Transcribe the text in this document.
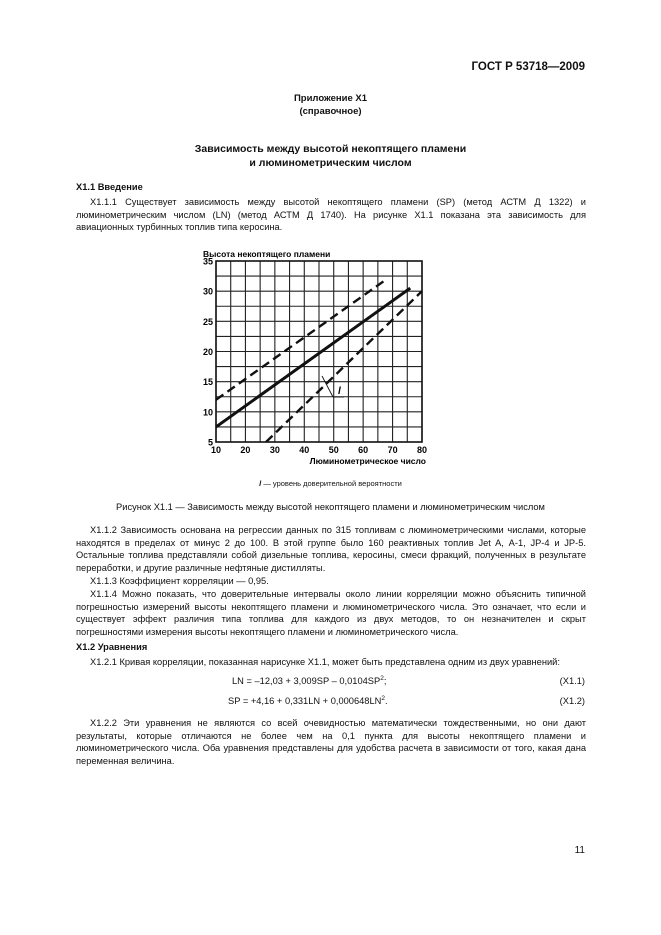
ГОСТ Р 53718—2009
Приложение Х1
(справочное)
Зависимость между высотой некоптящего пламени
и люминометрическим числом
Х1.1 Введение
Х1.1.1 Существует зависимость между высотой некоптящего пламени (SP) (метод АСТМ Д 1322) и люминометрическим числом (LN) (метод АСТМ Д 1740). На рисунке Х1.1 показана эта зависимость для авиационных турбинных топлив типа керосина.
10 20 30 40 50 60 70 80
5
10
15
20
25
30
35
Высота некоптящего пламени
Люминометрическое число
l
l — уровень доверительной вероятности
Рисунок Х1.1 — Зависимость между высотой некоптящего пламени и люминометрическим числом
Х1.1.2 Зависимость основана на регрессии данных по 315 топливам с люминометрическими числами, которые находятся в пределах от минус 2 до 100. В этой группе было 160 реактивных топлив Jet A, А-1, JP-4 и JP-5. Остальные топлива представляли собой дизельные топлива, керосины, смеси фракций, полученных в результате переработки, и другие различные нефтяные дистилляты.
Х1.1.3 Коэффициент корреляции — 0,95.
Х1.1.4 Можно показать, что доверительные интервалы около линии корреляции можно объяснить типичной погрешностью измерений высоты некоптящего пламени и люминометрического числа. Это означает, что если и существует эффект различия типа топлива для каждого из двух методов, то он незначителен и скрыт погрешностями измерения высоты некоптящего пламени и люминометрического числа.
Х1.2 Уравнения
Х1.2.1 Кривая корреляции, показанная нарисунке Х1.1, может быть представлена одним из двух уравнений:
LN = $-12,03 + 3,009SP - 0,0104SP^2$;	(Х1.1)
SP = $+4,16 + 0,331LN + 0,000648LN^2$.	(Х1.2)
Х1.2.2 Эти уравнения не являются со всей очевидностью математически тождественными, но они дают результаты, которые отличаются не более чем на 0,1 пункта для высоты некоптящего пламени и люминометрического числа. Оба уравнения представлены для удобства расчета в зависимости от того, какая дана переменная величина.
11
